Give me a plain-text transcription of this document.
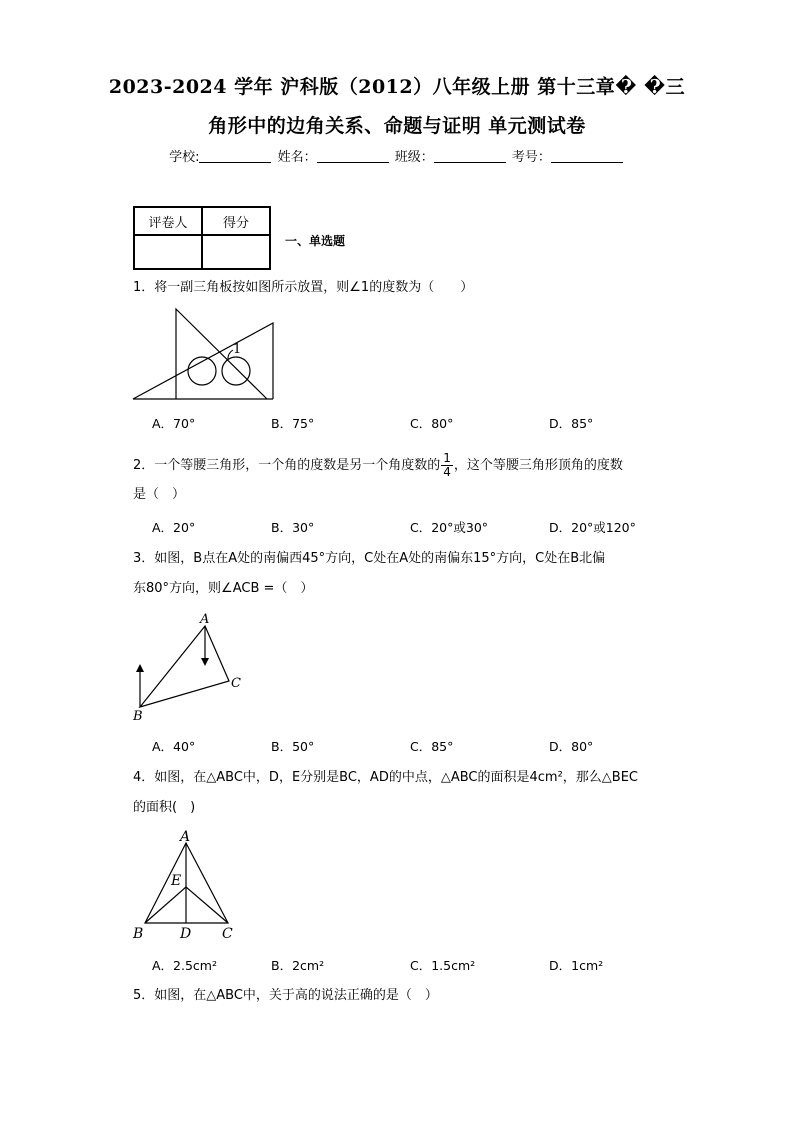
2023-2024 学年 沪科版（2012）八年级上册 第十三章� �三
角形中的边角关系、命题与证明 单元测试卷
学校:	姓名：	班级：	考号：
评卷人	得分

一、单选题
1．将一副三角板按如图所示放置，则∠1的度数为（　　）
1
A．70°	B．75°	C．80°	D．85°
2．一个等腰三角形，一个角的度数是另一个角度数的 $\frac{1}{4}$ ，这个等腰三角形顶角的度数
是（　）
A．20°	B．30°	C．20°或30°	D．20°或120°
3．如图，B点在A处的南偏西45°方向，C处在A处的南偏东15°方向，C处在B北偏
东80°方向，则∠ACB =（　）
A
C
B
A．40°	B．50°	C．85°	D．80°
4．如图，在△ABC中，D，E分别是BC，AD的中点，△ABC的面积是4cm²，那么△BEC
的面积(　)
A
E
B	D C
A．2.5cm²	B．2cm²	C．1.5cm²	D．1cm²
5．如图，在△ABC中，关于高的说法正确的是（　）
